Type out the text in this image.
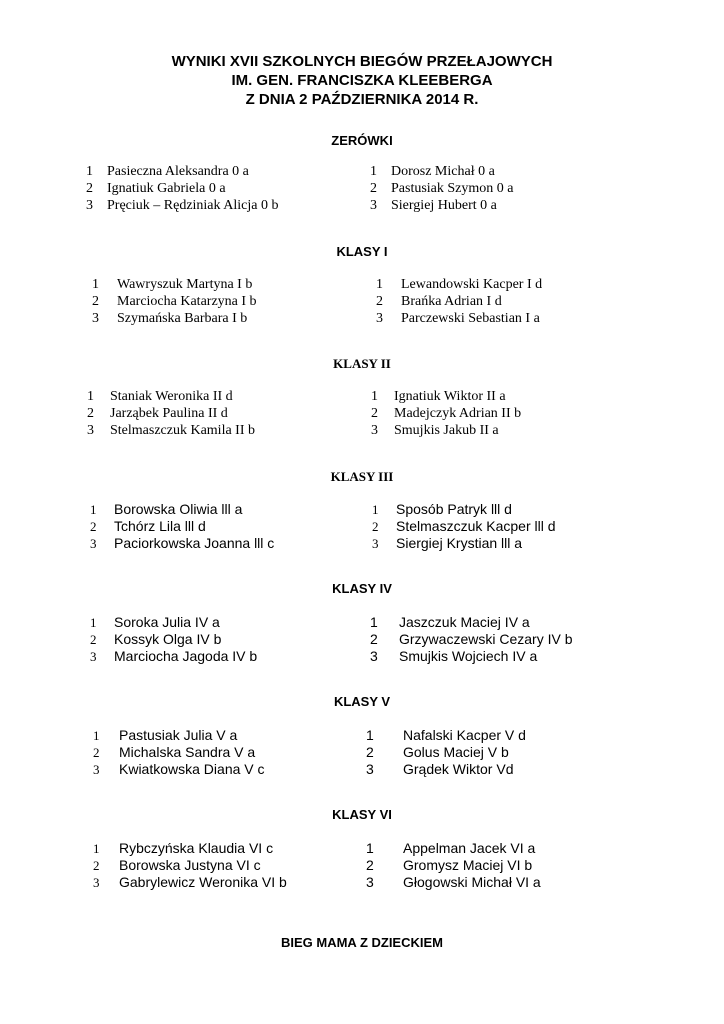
WYNIKI XVII SZKOLNYCH BIEGÓW PRZEŁAJOWYCH
IM. GEN. FRANCISZKA KLEEBERGA
Z DNIA 2 PAŹDZIERNIKA 2014 R.
ZERÓWKI
1 Pasieczna Aleksandra 0 a
2 Ignatiuk Gabriela 0 a
3 Pręciuk – Rędziniak Alicja 0 b
1 Dorosz Michał 0 a
2 Pastusiak Szymon 0 a
3 Siergiej Hubert 0 a
KLASY I
1 Wawryszuk Martyna I b
2 Marciocha Katarzyna I b
3 Szymańska Barbara I b
1 Lewandowski Kacper I d
2 Brańka Adrian I d
3 Parczewski Sebastian I a
KLASY II
1 Staniak Weronika II d
2 Jarząbek Paulina II d
3 Stelmaszczuk Kamila II b
1 Ignatiuk Wiktor II a
2 Madejczyk Adrian II b
3 Smujkis Jakub II a
KLASY III
1 Borowska Oliwia lll a
2 Tchórz Lila lll d
3 Paciorkowska Joanna lll c
1 Sposób Patryk lll d
2 Stelmaszczuk Kacper lll d
3 Siergiej Krystian lll a
KLASY IV
1 Soroka Julia IV a
2 Kossyk Olga IV b
3 Marciocha Jagoda IV b
1 Jaszczuk Maciej IV a
2 Grzywaczewski Cezary IV b
3 Smujkis Wojciech IV a
KLASY V
1 Pastusiak Julia V a
2 Michalska Sandra V a
3 Kwiatkowska Diana V c
1 Nafalski Kacper V d
2 Golus Maciej V b
3 Grądek Wiktor Vd
KLASY VI
1 Rybczyńska Klaudia VI c
2 Borowska Justyna VI c
3 Gabrylewicz Weronika VI b
1 Appelman Jacek VI a
2 Gromysz Maciej VI b
3 Głogowski Michał VI a
BIEG MAMA Z DZIECKIEM
